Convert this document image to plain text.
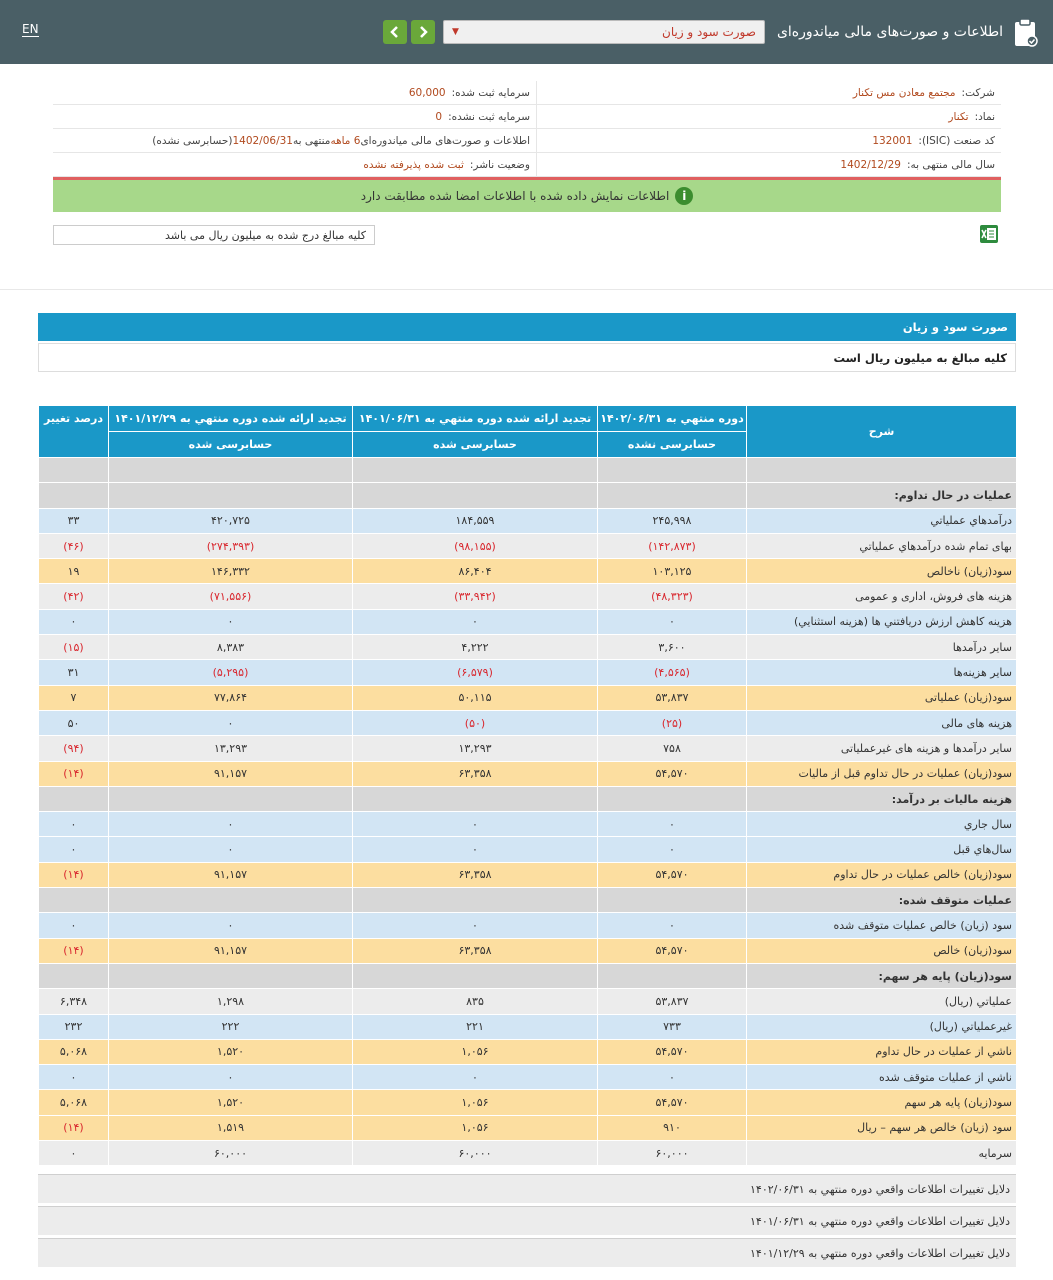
اطلاعات و صورت‌های مالی میاندوره‌ای
صورت سود و زیان
▼
EN
شرکت:
مجتمع معادن مس تکنار
سرمایه ثبت شده:
60,000
نماد:
تکنار
سرمایه ثبت نشده:
0
کد صنعت (ISIC):
132001
اطلاعات و صورت‌های مالی میاندوره‌ای
6 ماهه
منتهی به
1402/06/31
(حسابرسی نشده)
سال مالی منتهی به:
1402/12/29
وضعیت ناشر:
ثبت شده پذیرفته نشده
i
اطلاعات نمایش داده شده با اطلاعات امضا شده مطابقت دارد
کلیه مبالغ درج شده به میلیون ریال می باشد
صورت سود و زیان
کلیه مبالغ به میلیون ریال است
شرح	دوره منتهي به ۱۴۰۲/۰۶/۳۱	تجدید ارائه شده دوره منتهي به ۱۴۰۱/۰۶/۳۱	تجدید ارائه شده دوره منتهي به ۱۴۰۱/۱۲/۲۹	درصد تغییر
	حسابرسی نشده	حسابرسی شده	حسابرسی شده	

عملیات در حال تداوم:				
درآمدهاي عملياتي	۲۴۵,۹۹۸	۱۸۴,۵۵۹	۴۲۰,۷۲۵	۳۳
بهاى تمام شده درآمدهاي عملياتي	(۱۴۲,۸۷۳)	(۹۸,۱۵۵)	(۲۷۴,۳۹۳)	(۴۶)
سود(زيان) ناخالص	۱۰۳,۱۲۵	۸۶,۴۰۴	۱۴۶,۳۳۲	۱۹
هزينه هاى فروش، ادارى و عمومى	(۴۸,۳۲۳)	(۳۳,۹۴۲)	(۷۱,۵۵۶)	(۴۲)
هزينه کاهش ارزش دريافتني ها (هزينه استثنايي)	۰	۰	۰	۰
ساير درآمدها	۳,۶۰۰	۴,۲۲۲	۸,۳۸۳	(۱۵)
سایر هزینه‌ها	(۴,۵۶۵)	(۶,۵۷۹)	(۵,۲۹۵)	۳۱
سود(زيان) عملياتى	۵۳,۸۳۷	۵۰,۱۱۵	۷۷,۸۶۴	۷
هزينه هاى مالى	(۲۵)	(۵۰)	۰	۵۰
ساير درآمدها و هزينه هاى غيرعملياتى	۷۵۸	۱۳,۲۹۳	۱۳,۲۹۳	(۹۴)
سود(زيان) عمليات در حال تداوم قبل از ماليات	۵۴,۵۷۰	۶۳,۳۵۸	۹۱,۱۵۷	(۱۴)
هزينه ماليات بر درآمد:				
سال جاري	۰	۰	۰	۰
سال‌هاي قبل	۰	۰	۰	۰
سود(زيان) خالص عمليات در حال تداوم	۵۴,۵۷۰	۶۳,۳۵۸	۹۱,۱۵۷	(۱۴)
عمليات متوقف شده:				
سود (زيان) خالص عمليات متوقف شده	۰	۰	۰	۰
سود(زيان) خالص	۵۴,۵۷۰	۶۳,۳۵۸	۹۱,۱۵۷	(۱۴)
سود(زيان) پايه هر سهم:				
عملياتي (ريال)	۵۳,۸۳۷	۸۳۵	۱,۲۹۸	۶,۳۴۸
غيرعملياتي (ريال)	۷۳۳	۲۲۱	۲۲۲	۲۳۲
ناشي از عمليات در حال تداوم	۵۴,۵۷۰	۱,۰۵۶	۱,۵۲۰	۵,۰۶۸
ناشي از عمليات متوقف شده	۰	۰	۰	۰
سود(زيان) پايه هر سهم	۵۴,۵۷۰	۱,۰۵۶	۱,۵۲۰	۵,۰۶۸
سود (زيان) خالص هر سهم – ريال	۹۱۰	۱,۰۵۶	۱,۵۱۹	(۱۴)
سرمايه	۶۰,۰۰۰	۶۰,۰۰۰	۶۰,۰۰۰	۰
دلايل تغييرات اطلاعات واقعي دوره منتهي به ۱۴۰۲/۰۶/۳۱
دلايل تغييرات اطلاعات واقعي دوره منتهي به ۱۴۰۱/۰۶/۳۱
دلايل تغييرات اطلاعات واقعي دوره منتهي به ۱۴۰۱/۱۲/۲۹
